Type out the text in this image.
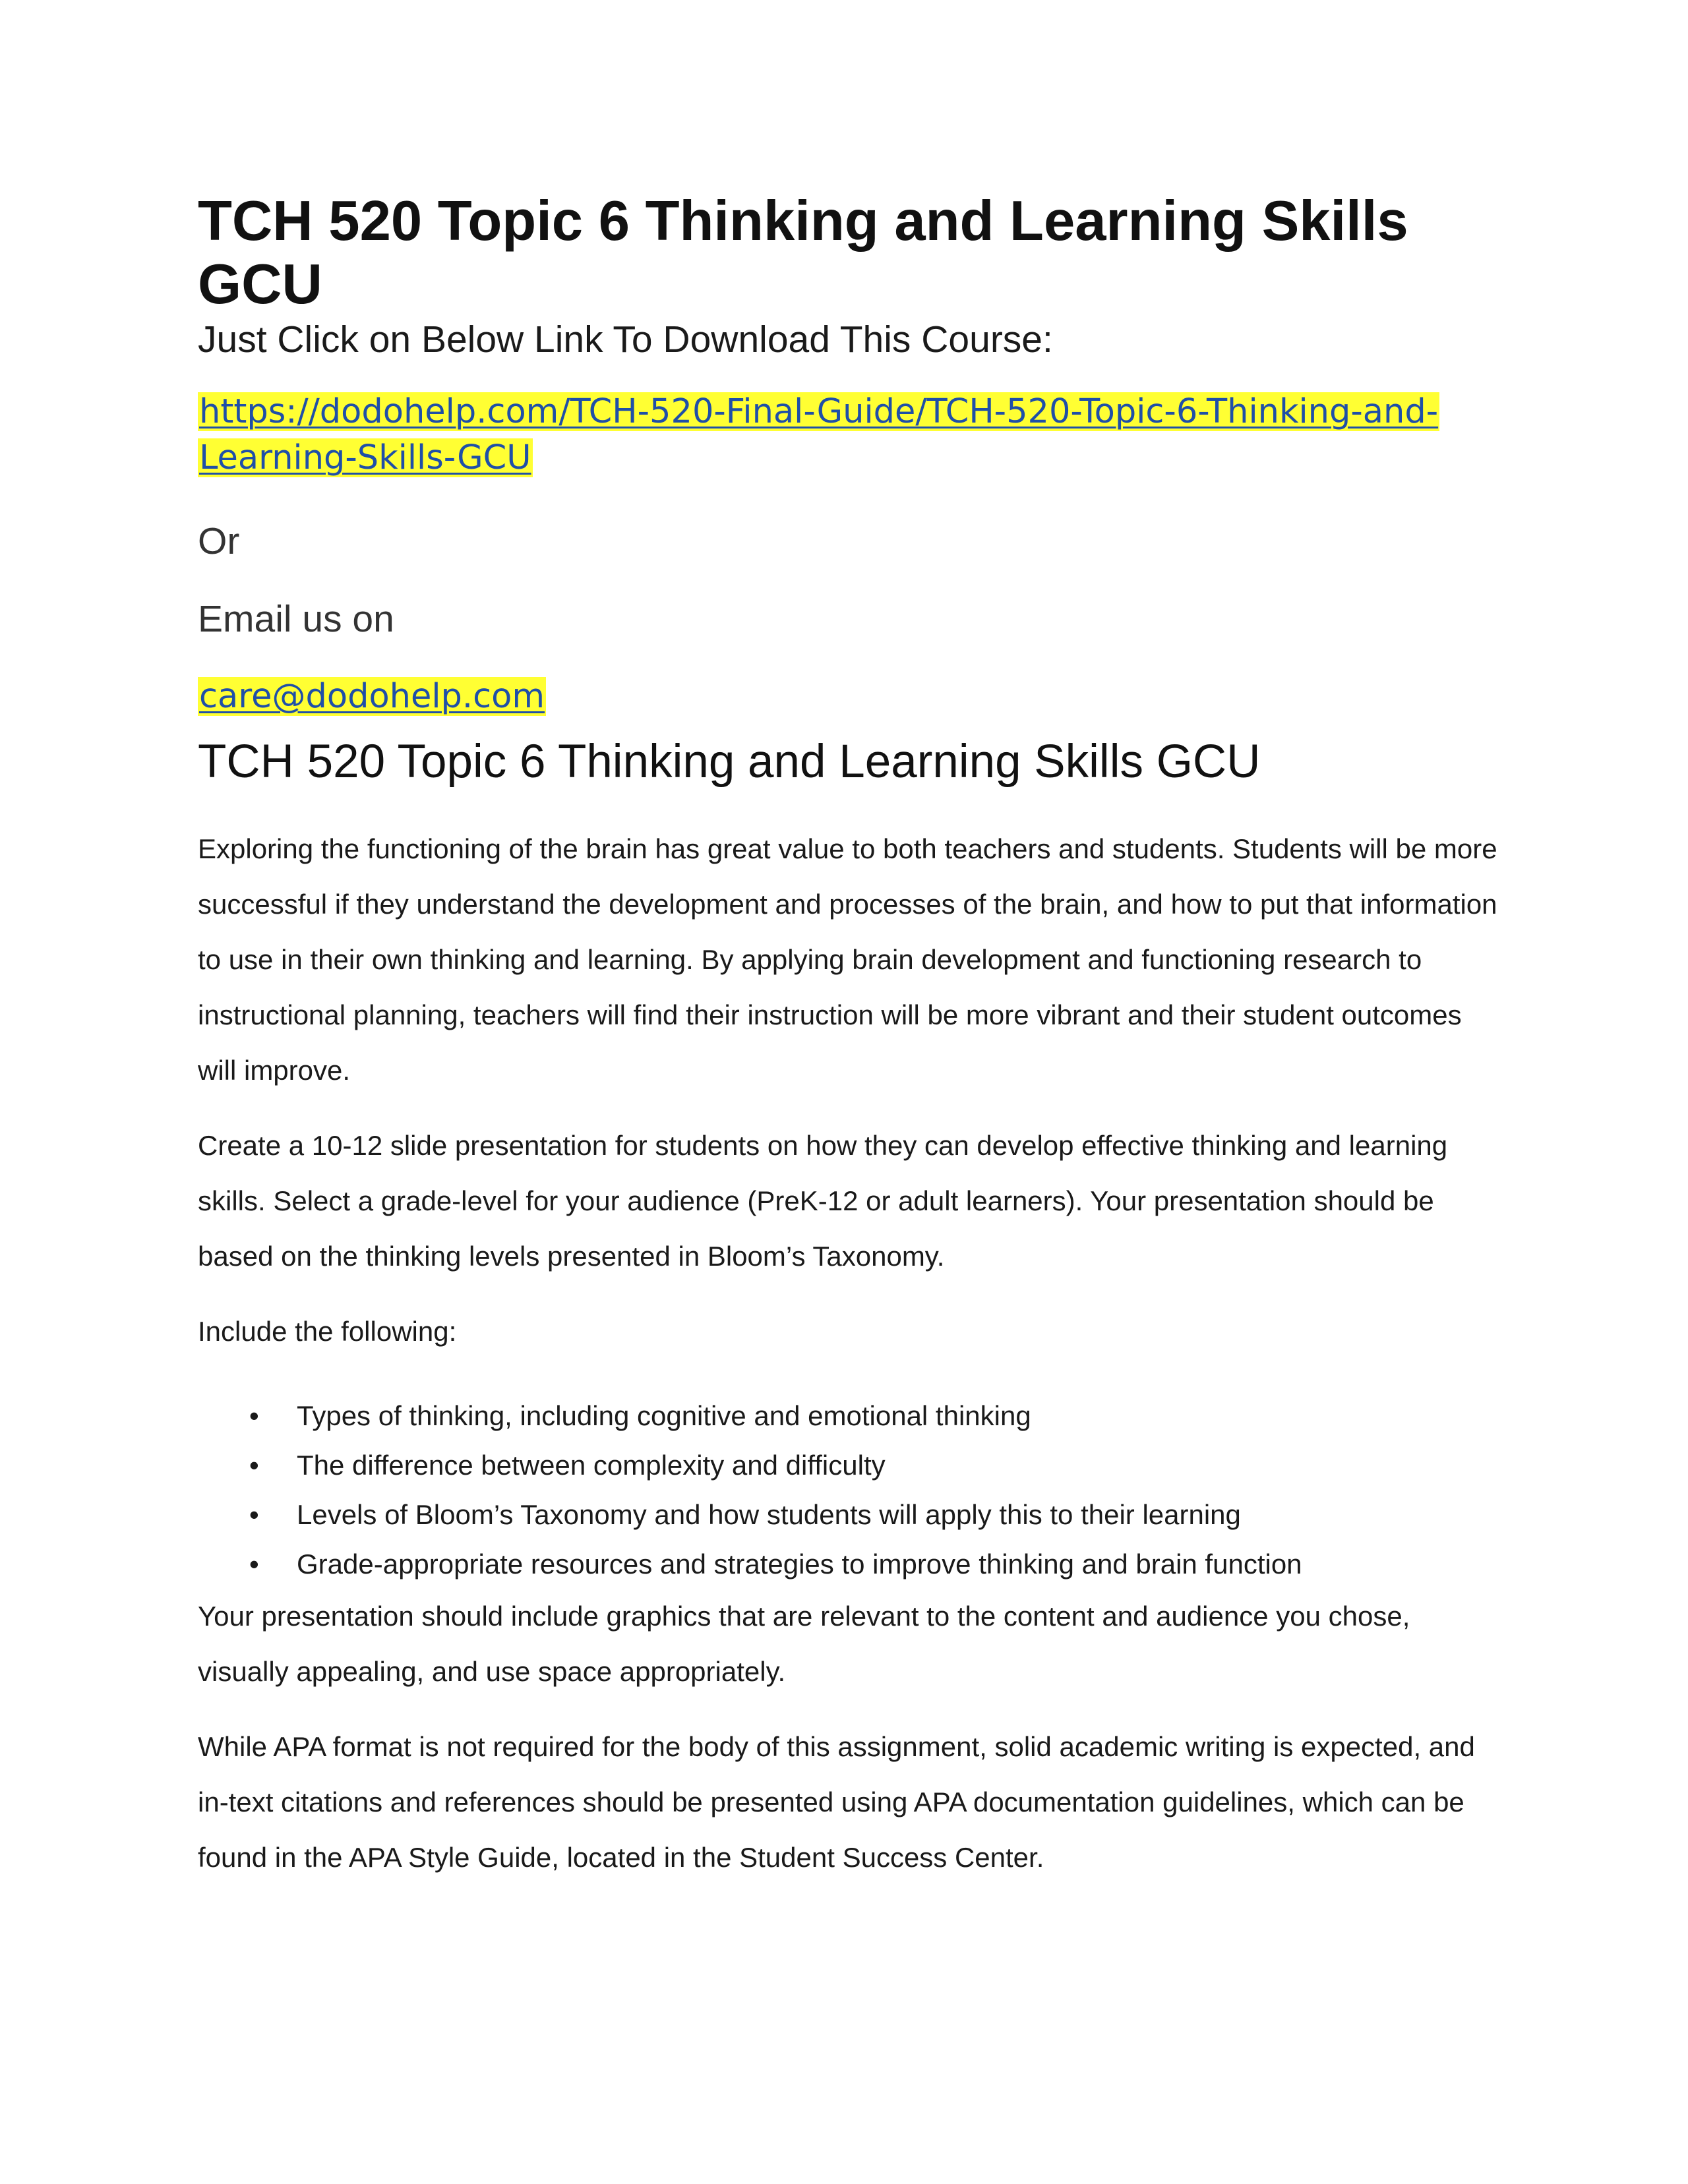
TCH 520 Topic 6 Thinking and Learning Skills GCU

Just Click on Below Link To Download This Course:

https://dodohelp.com/TCH-520-Final-Guide/TCH-520-Topic-6-Thinking-and-Learning-Skills-GCU

Or

Email us on

care@dodohelp.com
TCH 520 Topic 6 Thinking and Learning Skills GCU

Exploring the functioning of the brain has great value to both teachers and students. Students will be more successful if they understand the development and processes of the brain, and how to put that information to use in their own thinking and learning. By applying brain development and functioning research to instructional planning, teachers will find their instruction will be more vibrant and their student outcomes will improve.

Create a 10-12 slide presentation for students on how they can develop effective thinking and learning skills. Select a grade-level for your audience (PreK-12 or adult learners). Your presentation should be based on the thinking levels presented in Bloom’s Taxonomy.

Include the following:

• Types of thinking, including cognitive and emotional thinking
• The difference between complexity and difficulty
• Levels of Bloom’s Taxonomy and how students will apply this to their learning
• Grade-appropriate resources and strategies to improve thinking and brain function

Your presentation should include graphics that are relevant to the content and audience you chose, visually appealing, and use space appropriately.

While APA format is not required for the body of this assignment, solid academic writing is expected, and in-text citations and references should be presented using APA documentation guidelines, which can be found in the APA Style Guide, located in the Student Success Center.
